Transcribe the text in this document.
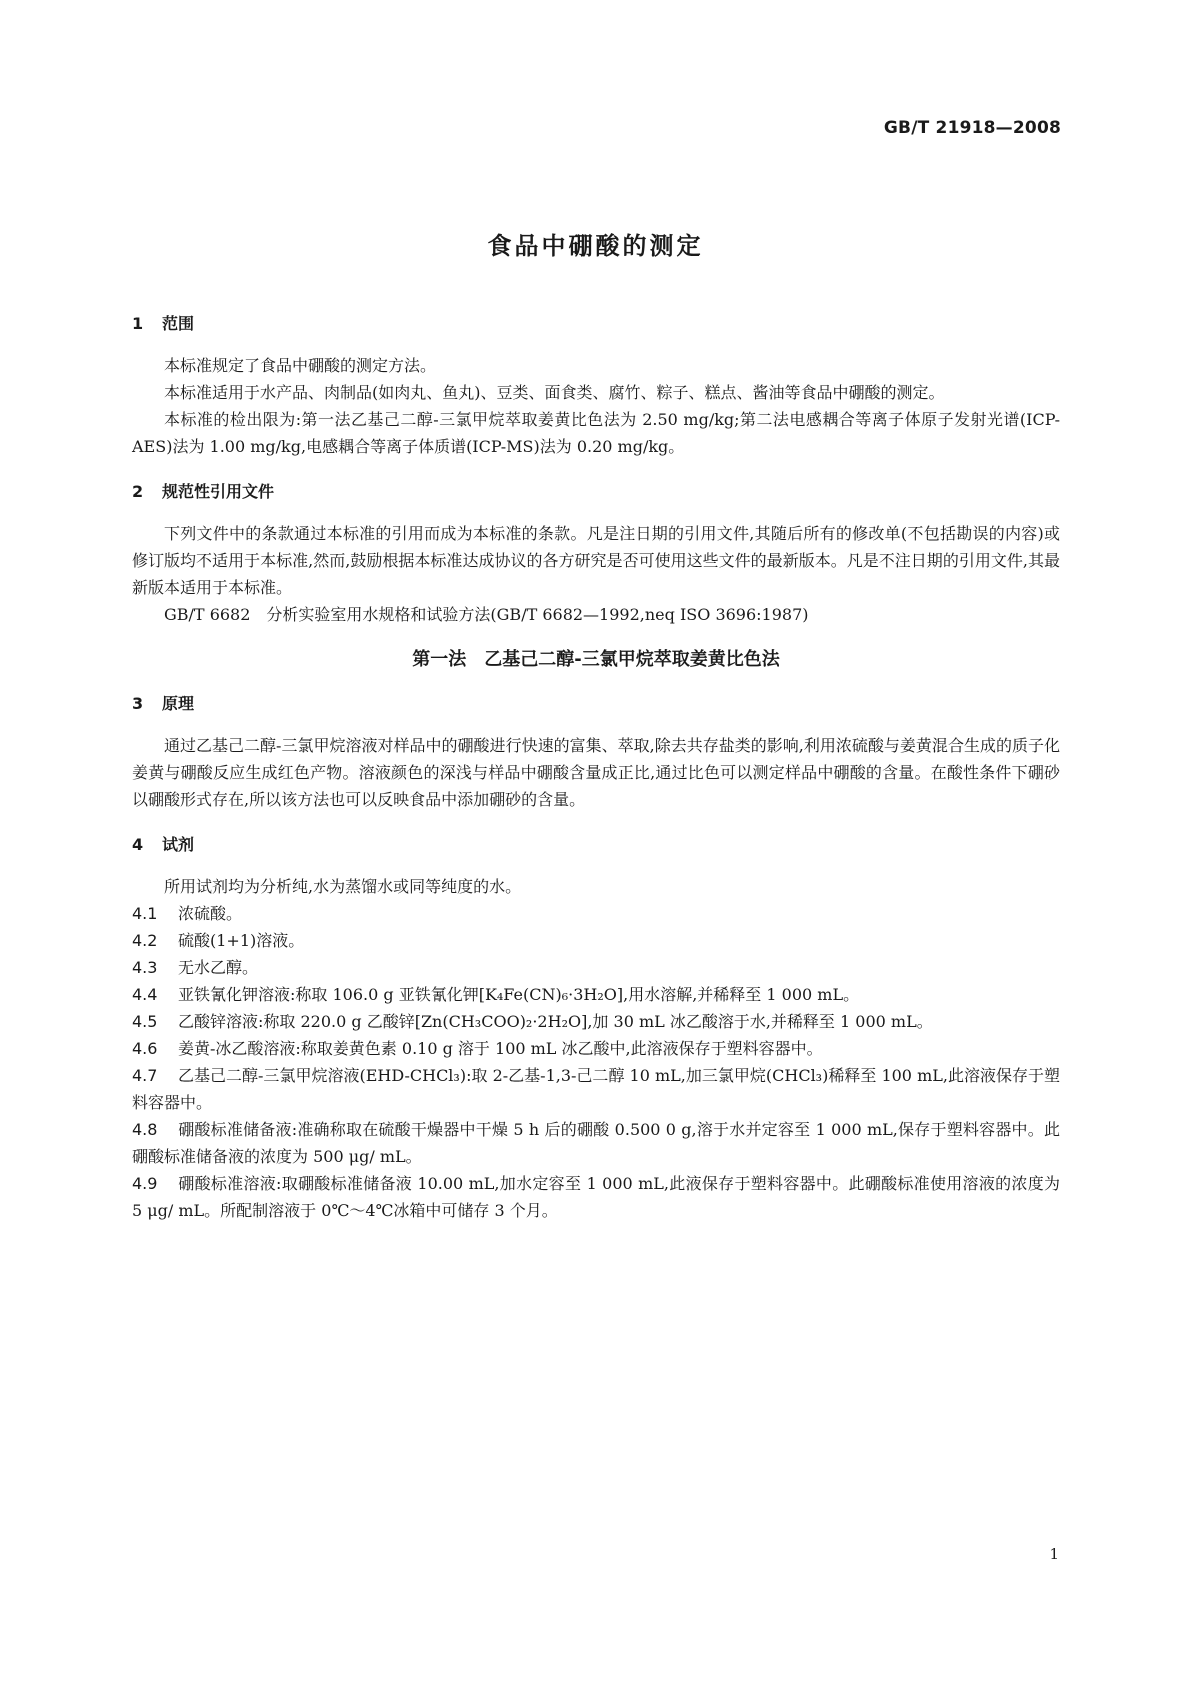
GB/T 21918—2008
食品中硼酸的测定
1 范围

本标准规定了食品中硼酸的测定方法。

本标准适用于水产品、肉制品(如肉丸、鱼丸)、豆类、面食类、腐竹、粽子、糕点、酱油等食品中硼酸的测定。

本标准的检出限为:第一法乙基己二醇-三氯甲烷萃取姜黄比色法为 2.50 mg/kg;第二法电感耦合等离子体原子发射光谱(ICP-AES)法为 1.00 mg/kg,电感耦合等离子体质谱(ICP-MS)法为 0.20 mg/kg。

2 规范性引用文件

下列文件中的条款通过本标准的引用而成为本标准的条款。凡是注日期的引用文件,其随后所有的修改单(不包括勘误的内容)或修订版均不适用于本标准,然而,鼓励根据本标准达成协议的各方研究是否可使用这些文件的最新版本。凡是不注日期的引用文件,其最新版本适用于本标准。

GB/T 6682　分析实验室用水规格和试验方法(GB/T 6682—1992,neq ISO 3696:1987)

第一法　乙基己二醇-三氯甲烷萃取姜黄比色法
3 原理

通过乙基己二醇-三氯甲烷溶液对样品中的硼酸进行快速的富集、萃取,除去共存盐类的影响,利用浓硫酸与姜黄混合生成的质子化姜黄与硼酸反应生成红色产物。溶液颜色的深浅与样品中硼酸含量成正比,通过比色可以测定样品中硼酸的含量。在酸性条件下硼砂以硼酸形式存在,所以该方法也可以反映食品中添加硼砂的含量。

4 试剂

所用试剂均为分析纯,水为蒸馏水或同等纯度的水。

4.1 浓硫酸。

4.2 硫酸(1+1)溶液。

4.3 无水乙醇。

4.4 亚铁氰化钾溶液:称取 106.0 g 亚铁氰化钾[K₄Fe(CN)₆·3H₂O],用水溶解,并稀释至 1 000 mL。

4.5 乙酸锌溶液:称取 220.0 g 乙酸锌[Zn(CH₃COO)₂·2H₂O],加 30 mL 冰乙酸溶于水,并稀释至 1 000 mL。

4.6 姜黄-冰乙酸溶液:称取姜黄色素 0.10 g 溶于 100 mL 冰乙酸中,此溶液保存于塑料容器中。

4.7 乙基己二醇-三氯甲烷溶液(EHD-CHCl₃):取 2-乙基-1,3-己二醇 10 mL,加三氯甲烷(CHCl₃)稀释至 100 mL,此溶液保存于塑料容器中。

4.8 硼酸标准储备液:准确称取在硫酸干燥器中干燥 5 h 后的硼酸 0.500 0 g,溶于水并定容至 1 000 mL,保存于塑料容器中。此硼酸标准储备液的浓度为 500 μg/ mL。

4.9 硼酸标准溶液:取硼酸标准储备液 10.00 mL,加水定容至 1 000 mL,此液保存于塑料容器中。此硼酸标准使用溶液的浓度为 5 μg/ mL。所配制溶液于 0℃～4℃冰箱中可储存 3 个月。

1
